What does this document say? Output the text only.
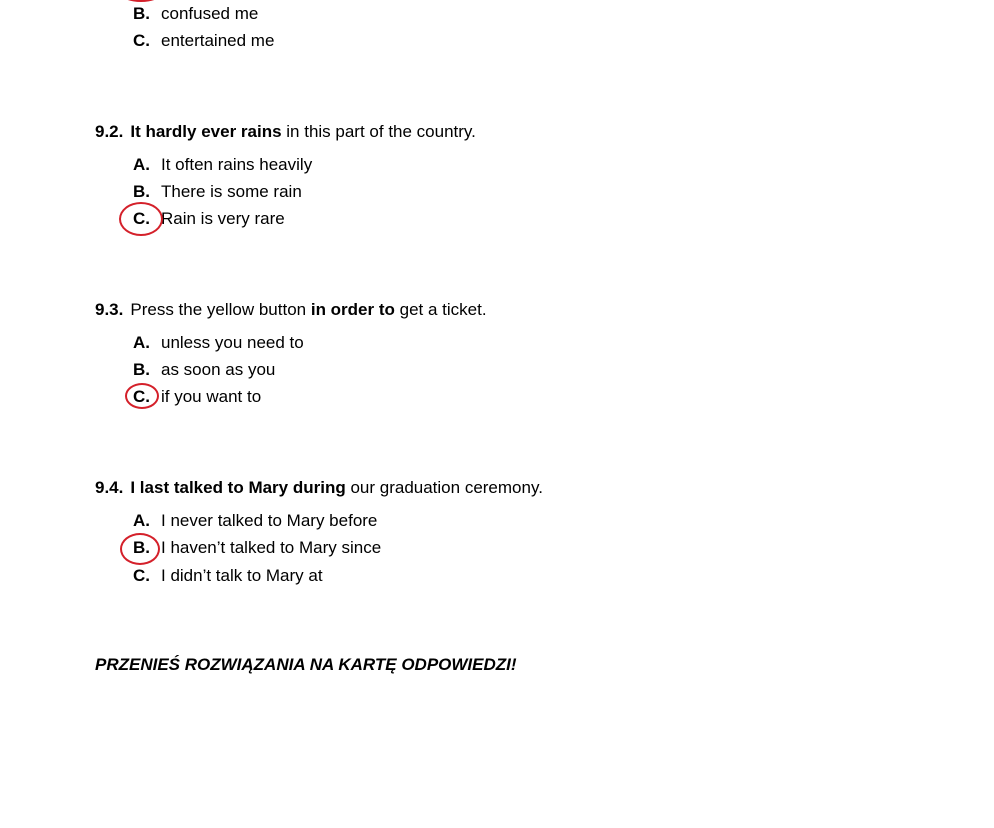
B. confused me
C. entertained me
9.2. It hardly ever rains in this part of the country.
A. It often rains heavily
B. There is some rain
C. Rain is very rare
9.3. Press the yellow button in order to get a ticket.
A. unless you need to
B. as soon as you
C. if you want to
9.4. I last talked to Mary during our graduation ceremony.
A. I never talked to Mary before
B. I haven’t talked to Mary since
C. I didn’t talk to Mary at
PRZENIEŚ ROZWIĄZANIA NA KARTĘ ODPOWIEDZI!
